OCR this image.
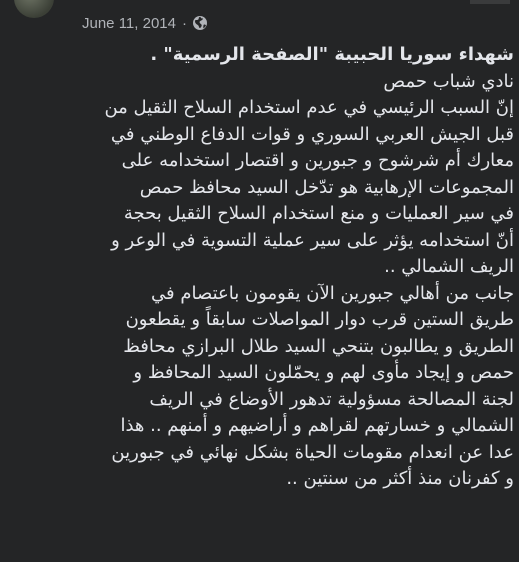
June 11, 2014 ·

شهداء سوريا الحبيبة "الصفحة الرسمية" .

نادي شباب حمص

إنّ السبب الرئيسي في عدم استخدام السلاح الثقيل من
قبل الجيش العربي السوري و قوات الدفاع الوطني في
معارك أم شرشوح و جبورين و اقتصار استخدامه على
المجموعات الإرهابية هو تدّخل السيد محافظ حمص
في سير العمليات و منع استخدام السلاح الثقيل بحجة
أنّ استخدامه يؤثر على سير عملية التسوية في الوعر و
الريف الشمالي ..

جانب من أهالي جبورين الآن يقومون باعتصام في
طريق الستين قرب دوار المواصلات سابقاً و يقطعون
الطريق و يطالبون بتنحي السيد طلال البرازي محافظ
حمص و إيجاد مأوى لهم و يحمّلون السيد المحافظ و
لجنة المصالحة مسؤولية تدهور الأوضاع في الريف
الشمالي و خسارتهم لقراهم و أراضيهم و أمنهم .. هذا
عدا عن انعدام مقومات الحياة بشكل نهائي في جبورين
و كفرنان منذ أكثر من سنتين ..
